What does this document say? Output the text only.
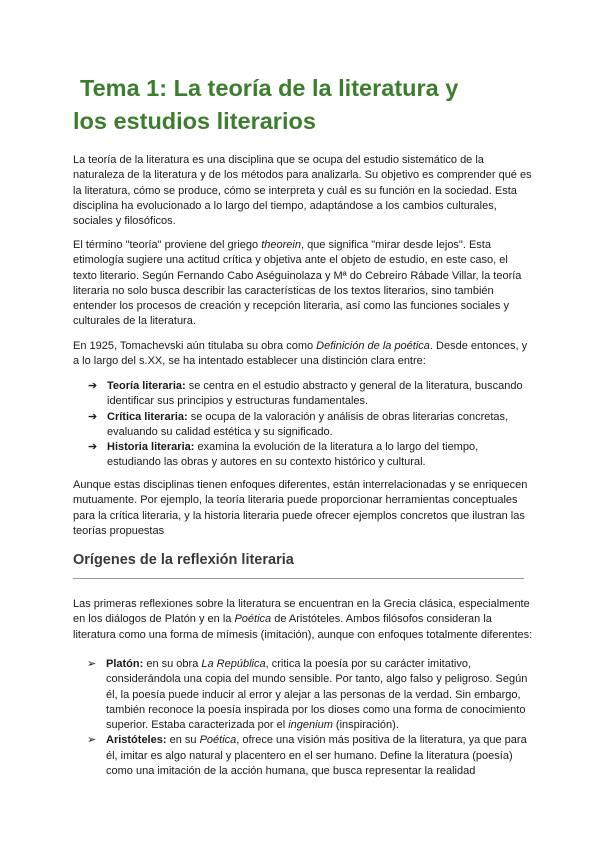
Tema 1: La teoría de la literatura y
los estudios literarios

La teoría de la literatura es una disciplina que se ocupa del estudio sistemático de la naturaleza de la literatura y de los métodos para analizarla. Su objetivo es comprender qué es la literatura, cómo se produce, cómo se interpreta y cuál es su función en la sociedad. Esta disciplina ha evolucionado a lo largo del tiempo, adaptándose a los cambios culturales, sociales y filosóficos.

El término "teoría" proviene del griego theorein, que significa "mirar desde lejos". Esta etimología sugiere una actitud crítica y objetiva ante el objeto de estudio, en este caso, el texto literario. Según Fernando Cabo Aséguinolaza y Mª do Cebreiro Rábade Villar, la teoría literaria no solo busca describir las características de los textos literarios, sino también entender los procesos de creación y recepción literaria, así como las funciones sociales y culturales de la literatura.

En 1925, Tomachevski aún titulaba su obra como Definición de la poética. Desde entonces, y a lo largo del s.XX, se ha intentado establecer una distinción clara entre:

➔ Teoría literaria: se centra en el estudio abstracto y general de la literatura, buscando identificar sus principios y estructuras fundamentales.
➔ Crítica literaria: se ocupa de la valoración y análisis de obras literarias concretas, evaluando su calidad estética y su significado.
➔ Historia literaria: examina la evolución de la literatura a lo largo del tiempo, estudiando las obras y autores en su contexto histórico y cultural.

Aunque estas disciplinas tienen enfoques diferentes, están interrelacionadas y se enriquecen mutuamente. Por ejemplo, la teoría literaria puede proporcionar herramientas conceptuales para la crítica literaria, y la historia literaria puede ofrecer ejemplos concretos que ilustran las teorías propuestas

Orígenes de la reflexión literaria

Las primeras reflexiones sobre la literatura se encuentran en la Grecia clásica, especialmente en los diálogos de Platón y en la Poética de Aristóteles. Ambos filósofos consideran la literatura como una forma de mímesis (imitación), aunque con enfoques totalmente diferentes:

➢ Platón: en su obra La República, critica la poesía por su carácter imitativo, considerándola una copia del mundo sensible. Por tanto, algo falso y peligroso. Según él, la poesía puede inducir al error y alejar a las personas de la verdad. Sin embargo, también reconoce la poesía inspirada por los dioses como una forma de conocimiento superior. Estaba caracterizada por el ingenium (inspiración).
➢ Aristóteles: en su Poética, ofrece una visión más positiva de la literatura, ya que para él, imitar es algo natural y placentero en el ser humano. Define la literatura (poesía) como una imitación de la acción humana, que busca representar la realidad
